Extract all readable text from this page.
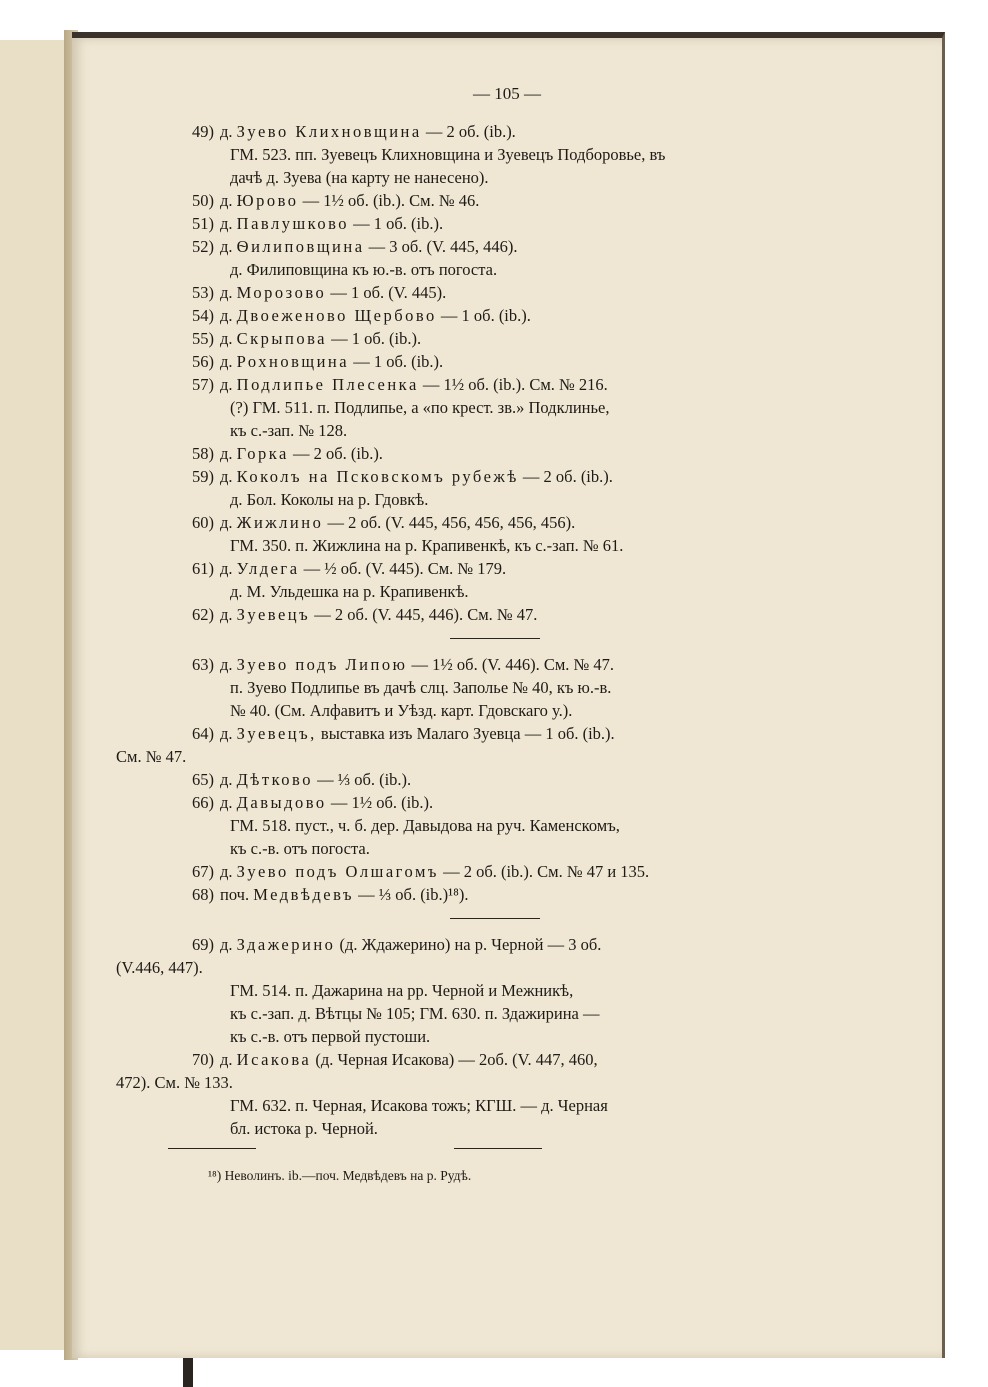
— 105 —
49) д. Зуево Клихновщина — 2 об. (ib.).
ГМ. 523. пп. Зуевецъ Клихновщина и Зуевецъ Подборовье, въ
дачѣ д. Зуева (на карту не нанесено).
50) д. Юрово — 1½ об. (ib.). См. № 46.
51) д. Павлушково — 1 об. (ib.).
52) д. Ѳилиповщина — 3 об. (V. 445, 446).
д. Филиповщина къ ю.-в. отъ погоста.
53) д. Морозово — 1 об. (V. 445).
54) д. Двоеженово Щербово — 1 об. (ib.).
55) д. Скрыпова — 1 об. (ib.).
56) д. Рохновщина — 1 об. (ib.).
57) д. Подлипье Плесенка — 1½ об. (ib.). См. № 216.
(?) ГМ. 511. п. Подлипье, а «по крест. зв.» Подклинье,
къ с.-зап. № 128.
58) д. Горка — 2 об. (ib.).
59) д. Коколъ на Псковскомъ рубежѣ — 2 об. (ib.).
д. Бол. Коколы на р. Гдовкѣ.
60) д. Жижлино — 2 об. (V. 445, 456, 456, 456, 456).
ГМ. 350. п. Жижлина на р. Крапивенкѣ, къ с.-зап. № 61.
61) д. Улдега — ½ об. (V. 445). См. № 179.
д. М. Ульдешка на р. Крапивенкѣ.
62) д. Зуевецъ — 2 об. (V. 445, 446). См. № 47.
63) д. Зуево подъ Липою — 1½ об. (V. 446). См. № 47.
п. Зуево Подлипье въ дачѣ слц. Заполье № 40, къ ю.-в.
№ 40. (См. Алфавитъ и Уѣзд. карт. Гдовскаго у.).
64) д. Зуевецъ, выставка изъ Малаго Зуевца — 1 об. (ib.).
См. № 47.
65) д. Дѣтково — ⅓ об. (ib.).
66) д. Давыдово — 1½ об. (ib.).
ГМ. 518. пуст., ч. б. дер. Давыдова на руч. Каменскомъ,
къ с.-в. отъ погоста.
67) д. Зуево подъ Олшагомъ — 2 об. (ib.). См. № 47 и 135.
68) поч. Медвѣдевъ — ⅓ об. (ib.)¹⁸).
69) д. Здажерино (д. Ждажерино) на р. Черной — 3 об.
(V.446, 447).
ГМ. 514. п. Дажарина на рр. Черной и Межникѣ,
къ с.-зап. д. Вѣтцы № 105; ГМ. 630. п. Здажирина —
къ с.-в. отъ первой пустоши.
70) д. Исакова (д. Черная Исакова) — 2об. (V. 447, 460,
472). См. № 133.
ГМ. 632. п. Черная, Исакова тожъ; КГШ. — д. Черная
бл. истока р. Черной.
¹⁸) Неволинъ. ib.—поч. Медвѣдевъ на р. Рудѣ.
